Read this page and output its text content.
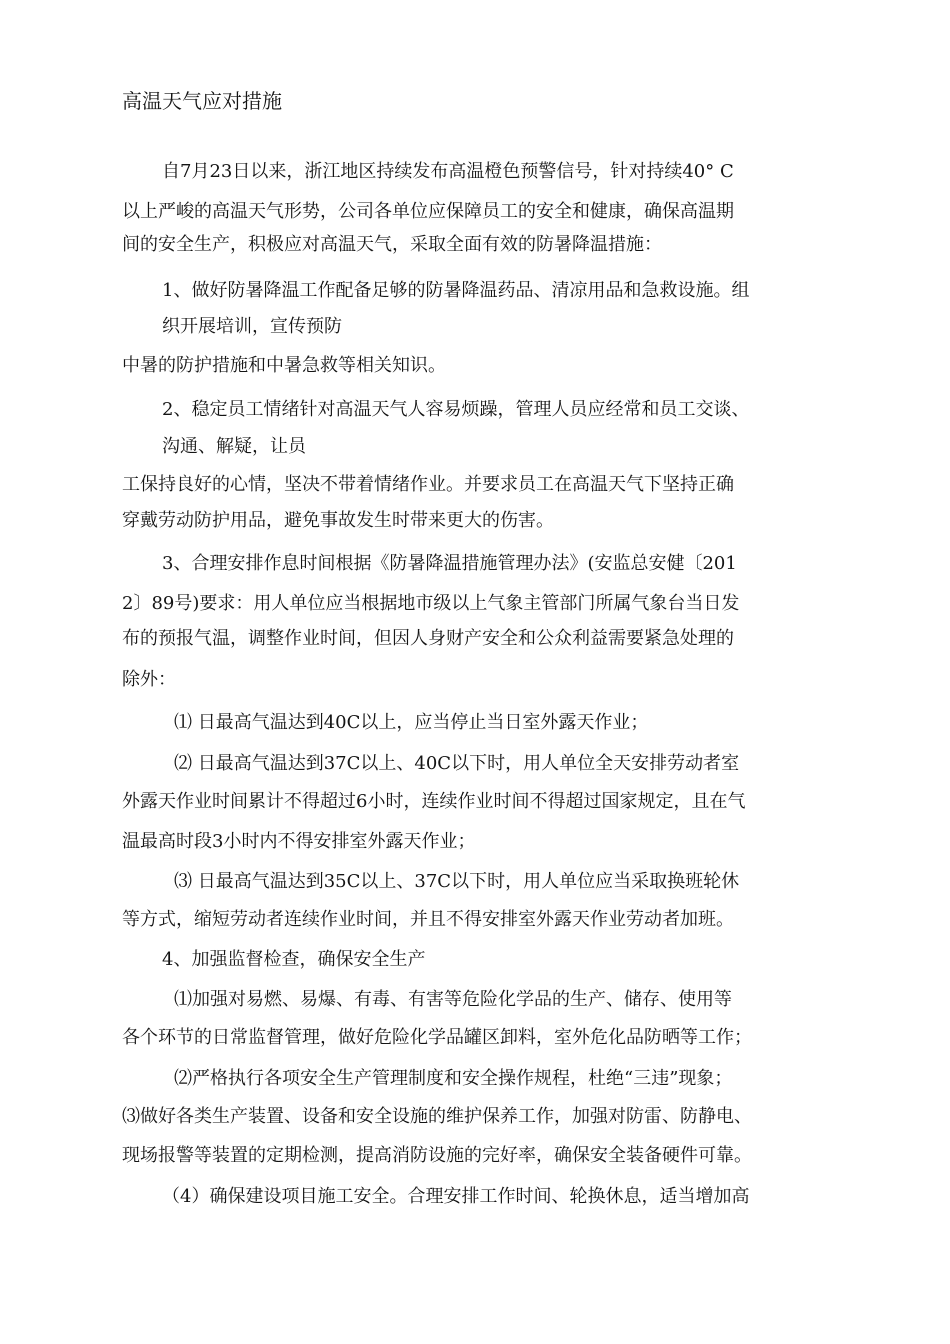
高温天气应对措施
自7月23日以来，浙江地区持续发布高温橙色预警信号，针对持续40° C
以上严峻的高温天气形势，公司各单位应保障员工的安全和健康，确保高温期
间的安全生产，积极应对高温天气，采取全面有效的防暑降温措施：
1、做好防暑降温工作配备足够的防暑降温药品、清凉用品和急救设施。组
织开展培训，宣传预防
中暑的防护措施和中暑急救等相关知识。
2、稳定员工情绪针对高温天气人容易烦躁，管理人员应经常和员工交谈、
沟通、解疑，让员
工保持良好的心情，坚决不带着情绪作业。并要求员工在高温天气下坚持正确
穿戴劳动防护用品，避免事故发生时带来更大的伤害。
3、合理安排作息时间根据《防暑降温措施管理办法》(安监总安健〔201
2〕89号)要求：用人单位应当根据地市级以上气象主管部门所属气象台当日发
布的预报气温，调整作业时间，但因人身财产安全和公众利益需要紧急处理的
除外：
⑴ 日最高气温达到40C以上，应当停止当日室外露天作业；
⑵ 日最高气温达到37C以上、40C以下时，用人单位全天安排劳动者室
外露天作业时间累计不得超过6小时，连续作业时间不得超过国家规定，且在气
温最高时段3小时内不得安排室外露天作业；
⑶ 日最高气温达到35C以上、37C以下时，用人单位应当采取换班轮休
等方式，缩短劳动者连续作业时间，并且不得安排室外露天作业劳动者加班。
4、加强监督检查，确保安全生产
⑴加强对易燃、易爆、有毒、有害等危险化学品的生产、储存、使用等
各个环节的日常监督管理，做好危险化学品罐区卸料，室外危化品防晒等工作；
⑵严格执行各项安全生产管理制度和安全操作规程，杜绝“三违”现象；
⑶做好各类生产装置、设备和安全设施的维护保养工作，加强对防雷、防静电、
现场报警等装置的定期检测，提高消防设施的完好率，确保安全装备硬件可靠。
（4）确保建设项目施工安全。合理安排工作时间、轮换休息，适当增加高
